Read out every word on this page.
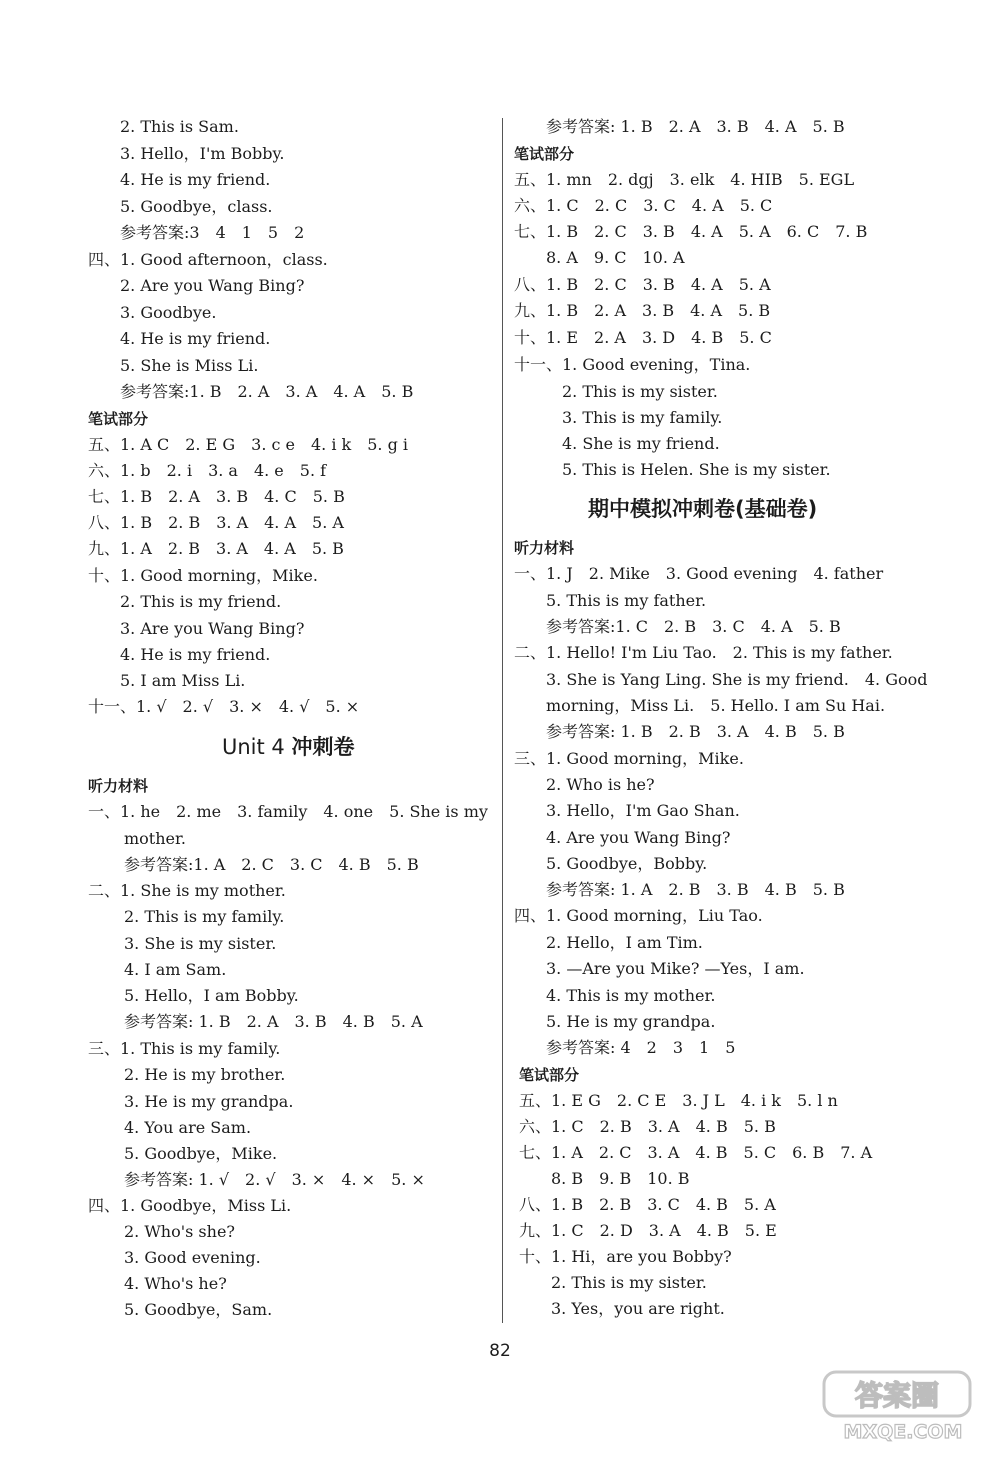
2. This is Sam.
3. Hello，I'm Bobby.
4. He is my friend.
5. Goodbye，class.
参考答案:3　4　1　5　2
四、1. Good afternoon，class.
2. Are you Wang Bing?
3. Goodbye.
4. He is my friend.
5. She is Miss Li.
参考答案:1. B　2. A　3. A　4. A　5. B
笔试部分
五、1. A C　2. E G　3. c e　4. i k　5. g i
六、1. b　2. i　3. a　4. e　5. f
七、1. B　2. A　3. B　4. C　5. B
八、1. B　2. B　3. A　4. A　5. A
九、1. A　2. B　3. A　4. A　5. B
十、1. Good morning，Mike.
2. This is my friend.
3. Are you Wang Bing?
4. He is my friend.
5. I am Miss Li.
十一、1. √　2. √　3. ×　4. √　5. ×
Unit 4 冲刺卷
听力材料
一、1. he　2. me　3. family　4. one　5. She is my
mother.
参考答案:1. A　2. C　3. C　4. B　5. B
二、1. She is my mother.
2. This is my family.
3. She is my sister.
4. I am Sam.
5. Hello，I am Bobby.
参考答案: 1. B　2. A　3. B　4. B　5. A
三、1. This is my family.
2. He is my brother.
3. He is my grandpa.
4. You are Sam.
5. Goodbye，Mike.
参考答案: 1. √　2. √　3. ×　4. ×　5. ×
四、1. Goodbye，Miss Li.
2. Who's she?
3. Good evening.
4. Who's he?
5. Goodbye，Sam.
参考答案: 1. B　2. A　3. B　4. A　5. B
笔试部分
五、1. mn　2. dgj　3. elk　4. HIB　5. EGL
六、1. C　2. C　3. C　4. A　5. C
七、1. B　2. C　3. B　4. A　5. A　6. C　7. B
8. A　9. C　10. A
八、1. B　2. C　3. B　4. A　5. A
九、1. B　2. A　3. B　4. A　5. B
十、1. E　2. A　3. D　4. B　5. C
十一、1. Good evening，Tina.
2. This is my sister.
3. This is my family.
4. She is my friend.
5. This is Helen. She is my sister.
期中模拟冲刺卷(基础卷)
听力材料
一、1. J　2. Mike　3. Good evening　4. father
5. This is my father.
参考答案:1. C　2. B　3. C　4. A　5. B
二、1. Hello! I'm Liu Tao.　2. This is my father.
3. She is Yang Ling. She is my friend.　4. Good
morning，Miss Li.　5. Hello. I am Su Hai.
参考答案: 1. B　2. B　3. A　4. B　5. B
三、1. Good morning，Mike.
2. Who is he?
3. Hello，I'm Gao Shan.
4. Are you Wang Bing?
5. Goodbye，Bobby.
参考答案: 1. A　2. B　3. B　4. B　5. B
四、1. Good morning，Liu Tao.
2. Hello，I am Tim.
3. —Are you Mike? —Yes，I am.
4. This is my mother.
5. He is my grandpa.
参考答案: 4　2　3　1　5
笔试部分
五、1. E G　2. C E　3. J L　4. i k　5. l n
六、1. C　2. B　3. A　4. B　5. B
七、1. A　2. C　3. A　4. B　5. C　6. B　7. A
8. B　9. B　10. B
八、1. B　2. B　3. C　4. B　5. A
九、1. C　2. D　3. A　4. B　5. E
十、1. Hi，are you Bobby?
2. This is my sister.
3. Yes，you are right.
82
答案圈
MXQE.COM
